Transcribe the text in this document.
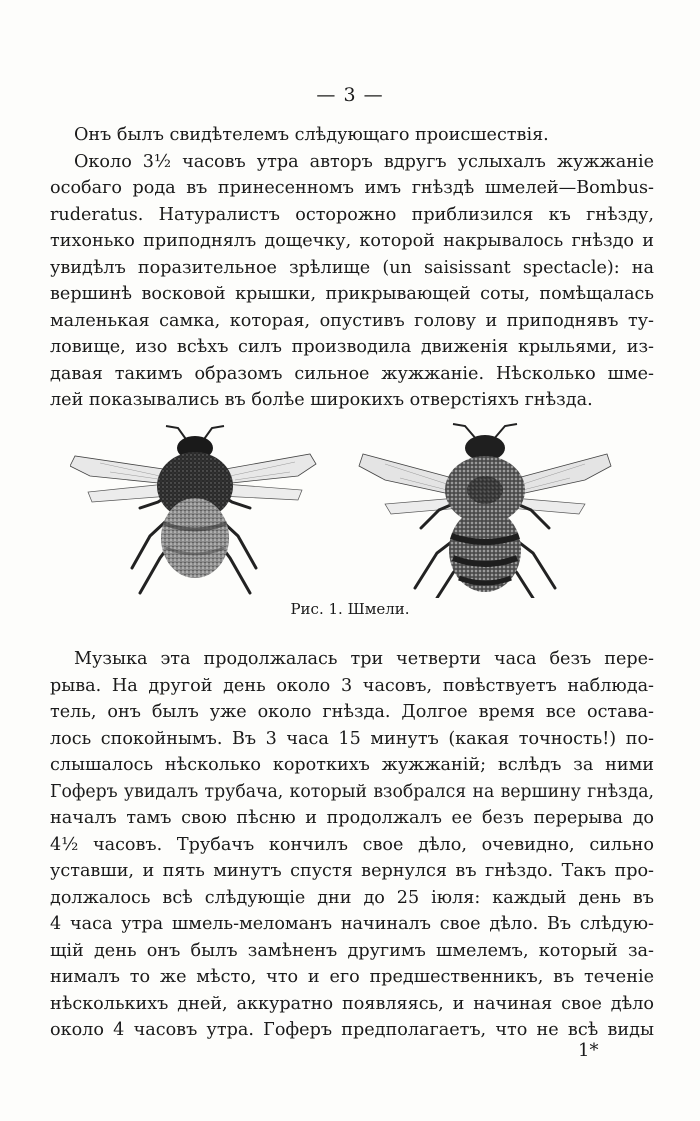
— 3 —
Онъ былъ свидѣтелемъ слѣдующаго происшествія.
Около 3½ часовъ утра авторъ вдругъ услыхалъ жужжаніе
особаго рода въ принесенномъ имъ гнѣздѣ шмелей—Bombus-
ruderatus. Натуралистъ осторожно приблизился къ гнѣзду,
тихонько приподнялъ дощечку, которой накрывалось гнѣздо и
увидѣлъ поразительное зрѣлище (un saisissant spectacle): на
вершинѣ восковой крышки, прикрывающей соты, помѣщалась
маленькая самка, которая, опустивъ голову и приподнявъ ту-
ловище, изо всѣхъ силъ производила движенія крыльями, из-
давая такимъ образомъ сильное жужжаніе. Нѣсколько шме-
лей показывались въ болѣе широкихъ отверстіяхъ гнѣзда.
Рис. 1. Шмели.
Музыка эта продолжалась три четверти часа безъ пере-
рыва. На другой день около 3 часовъ, повѣствуетъ наблюда-
тель, онъ былъ уже около гнѣзда. Долгое время все остава-
лось спокойнымъ. Въ 3 часа 15 минутъ (какая точность!) по-
слышалось нѣсколько короткихъ жужжаній; вслѣдъ за ними
Гоферъ увидалъ трубача, который взобрался на вершину гнѣзда,
началъ тамъ свою пѣсню и продолжалъ ее безъ перерыва до
4½ часовъ. Трубачъ кончилъ свое дѣло, очевидно, сильно
уставши, и пять минутъ спустя вернулся въ гнѣздо. Такъ про-
должалось всѣ слѣдующіе дни до 25 іюля: каждый день въ
4 часа утра шмель-меломанъ начиналъ свое дѣло. Въ слѣдую-
щій день онъ былъ замѣненъ другимъ шмелемъ, который за-
нималъ то же мѣсто, что и его предшественникъ, въ теченіе
нѣсколькихъ дней, аккуратно появляясь, и начиная свое дѣло
около 4 часовъ утра. Гоферъ предполагаетъ, что не всѣ виды
1*
